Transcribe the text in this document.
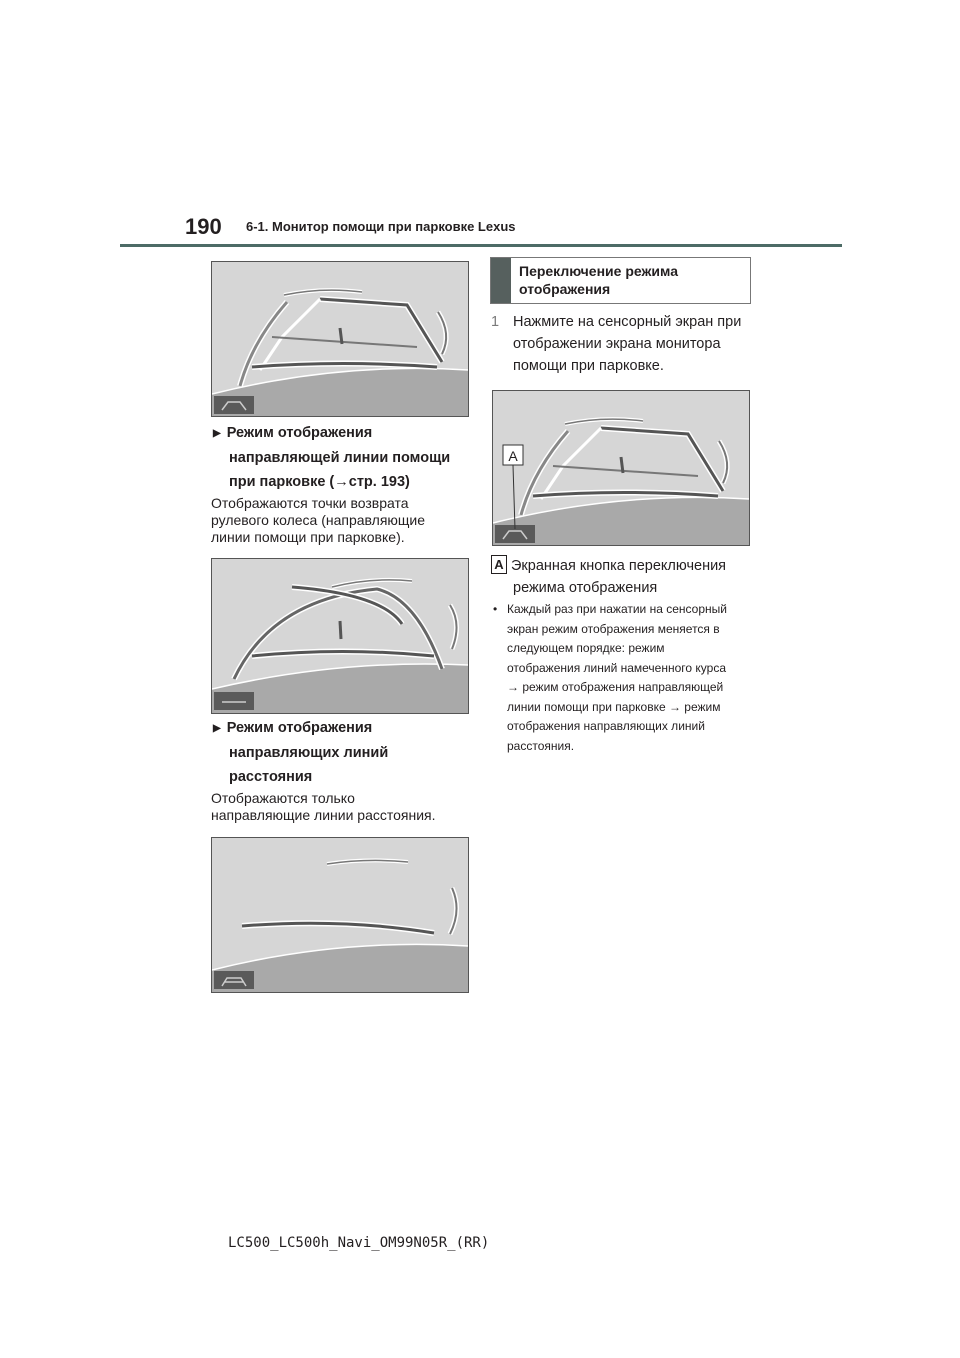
190 6-1. Монитор помощи при парковке Lexus
▶ Режим отображения
направляющей линии помощи
при парковке (→стр. 193)
Отображаются точки возврата
рулевого колеса (направляющие
линии помощи при парковке).
▶ Режим отображения
направляющих линий
расстояния
Отображаются только
направляющие линии расстояния.
Переключение режима
отображения
1 Нажмите на сенсорный экран при
отображении экрана монитора
помощи при парковке.
A
A Экранная кнопка переключения
режима отображения
• Каждый раз при нажатии на сенсорный
экран режим отображения меняется в
следующем порядке: режим
отображения линий намеченного курса
→ режим отображения направляющей
линии помощи при парковке → режим
отображения направляющих линий
расстояния.
LC500_LC500h_Navi_OM99N05R_(RR)
